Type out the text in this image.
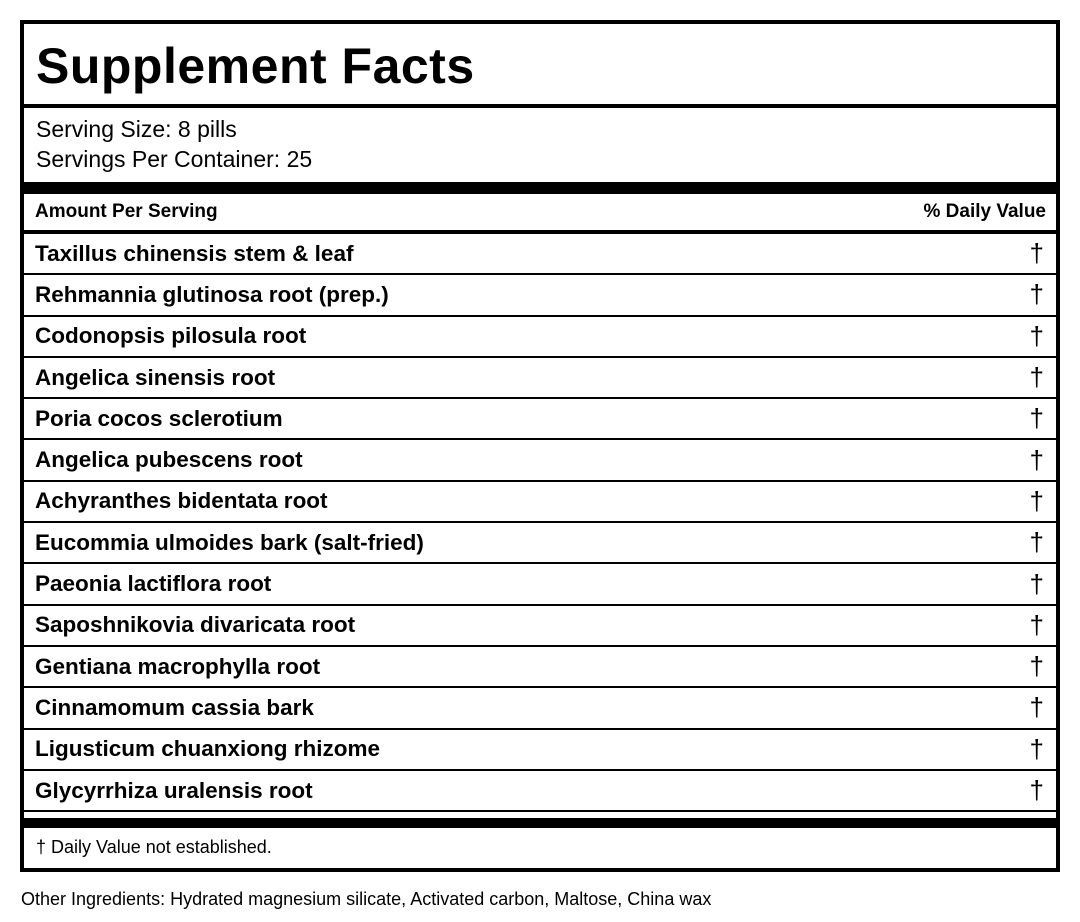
Supplement Facts
Serving Size: 8 pills
Servings Per Container: 25
Amount Per Serving	% Daily Value
Taxillus chinensis stem & leaf	†
Rehmannia glutinosa root (prep.)	†
Codonopsis pilosula root	†
Angelica sinensis root	†
Poria cocos sclerotium	†
Angelica pubescens root	†
Achyranthes bidentata root	†
Eucommia ulmoides bark (salt-fried)	†
Paeonia lactiflora root	†
Saposhnikovia divaricata root	†
Gentiana macrophylla root	†
Cinnamomum cassia bark	†
Ligusticum chuanxiong rhizome	†
Glycyrrhiza uralensis root	†
† Daily Value not established.
Other Ingredients: Hydrated magnesium silicate, Activated carbon, Maltose, China wax
